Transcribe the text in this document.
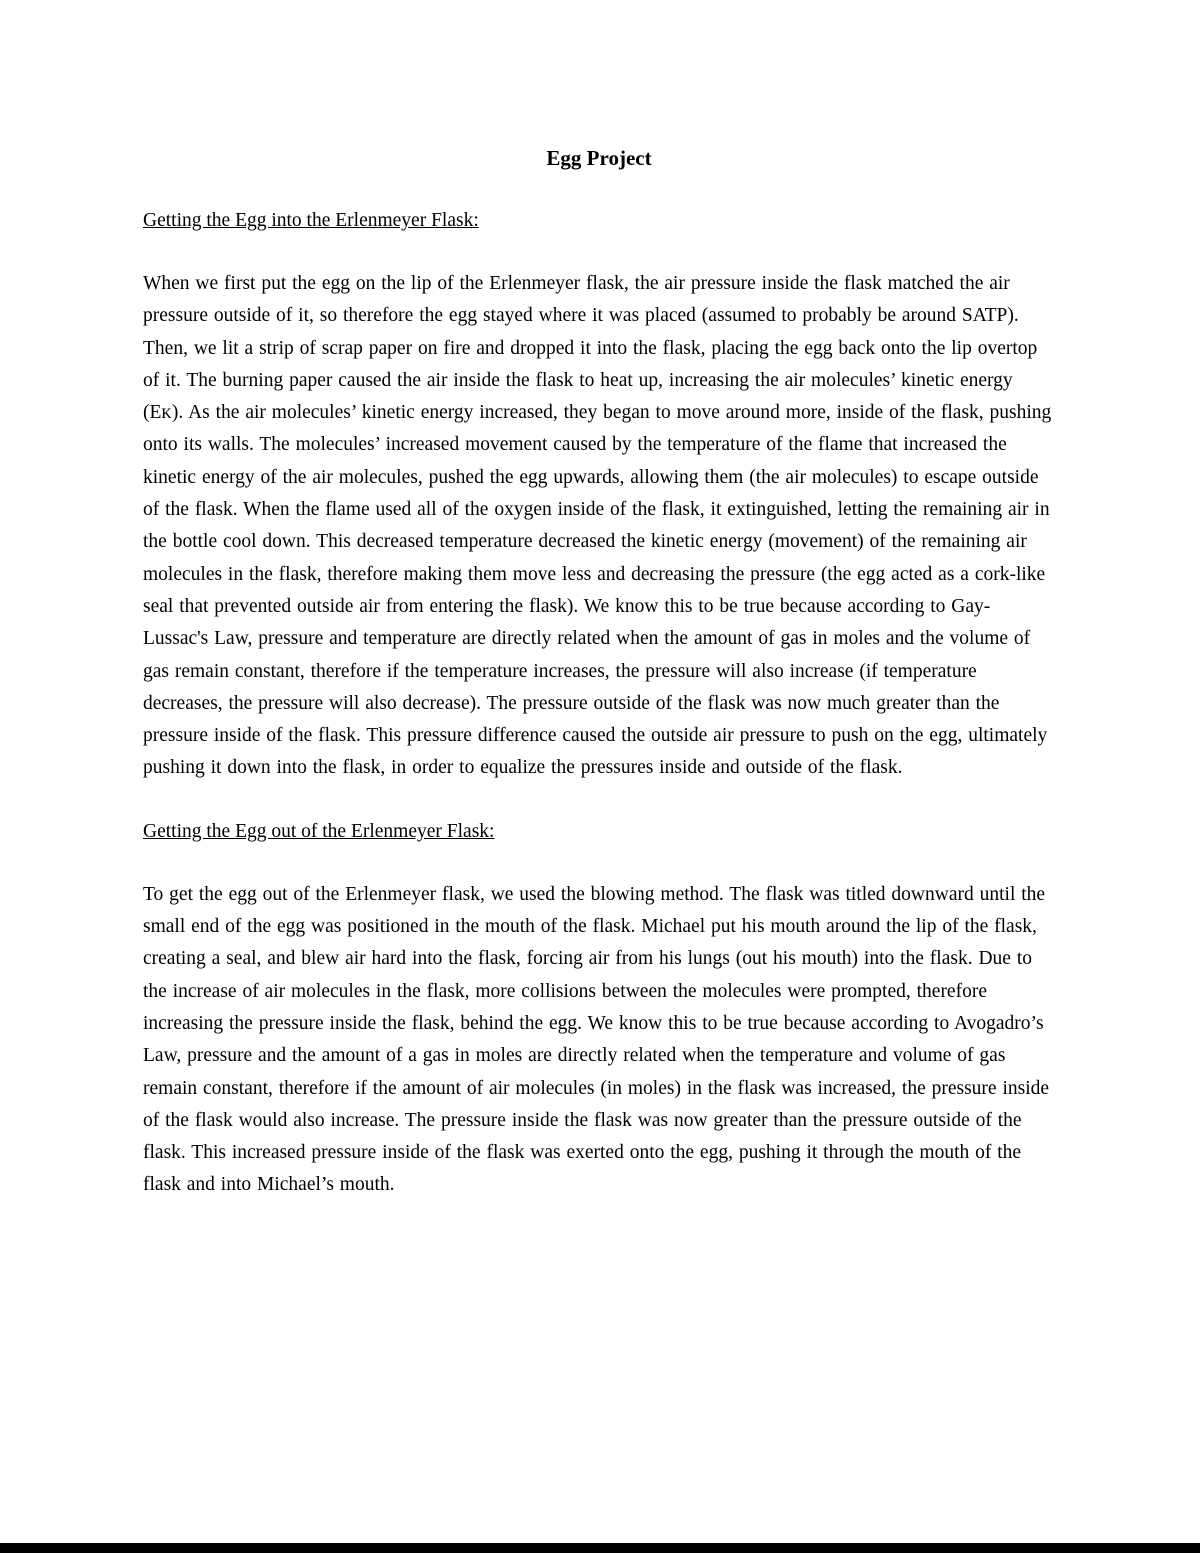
Egg Project
Getting the Egg into the Erlenmeyer Flask:

When we first put the egg on the lip of the Erlenmeyer flask, the air pressure inside the flask matched the air pressure outside of it, so therefore the egg stayed where it was placed (assumed to probably be around SATP). Then, we lit a strip of scrap paper on fire and dropped it into the flask, placing the egg back onto the lip overtop of it. The burning paper caused the air inside the flask to heat up, increasing the air molecules’ kinetic energy (Eᴋ). As the air molecules’ kinetic energy increased, they began to move around more, inside of the flask, pushing onto its walls. The molecules’ increased movement caused by the temperature of the flame that increased the kinetic energy of the air molecules, pushed the egg upwards, allowing them (the air molecules) to escape outside of the flask. When the flame used all of the oxygen inside of the flask, it extinguished, letting the remaining air in the bottle cool down. This decreased temperature decreased the kinetic energy (movement) of the remaining air molecules in the flask, therefore making them move less and decreasing the pressure (the egg acted as a cork-like seal that prevented outside air from entering the flask). We know this to be true because according to Gay-Lussac's Law, pressure and temperature are directly related when the amount of gas in moles and the volume of gas remain constant, therefore if the temperature increases, the pressure will also increase (if temperature decreases, the pressure will also decrease). The pressure outside of the flask was now much greater than the pressure inside of the flask. This pressure difference caused the outside air pressure to push on the egg, ultimately pushing it down into the flask, in order to equalize the pressures inside and outside of the flask.

Getting the Egg out of the Erlenmeyer Flask:

To get the egg out of the Erlenmeyer flask, we used the blowing method. The flask was titled downward until the small end of the egg was positioned in the mouth of the flask. Michael put his mouth around the lip of the flask, creating a seal, and blew air hard into the flask, forcing air from his lungs (out his mouth) into the flask. Due to the increase of air molecules in the flask, more collisions between the molecules were prompted, therefore increasing the pressure inside the flask, behind the egg. We know this to be true because according to Avogadro’s Law, pressure and the amount of a gas in moles are directly related when the temperature and volume of gas remain constant, therefore if the amount of air molecules (in moles) in the flask was increased, the pressure inside of the flask would also increase. The pressure inside the flask was now greater than the pressure outside of the flask. This increased pressure inside of the flask was exerted onto the egg, pushing it through the mouth of the flask and into Michael’s mouth.
